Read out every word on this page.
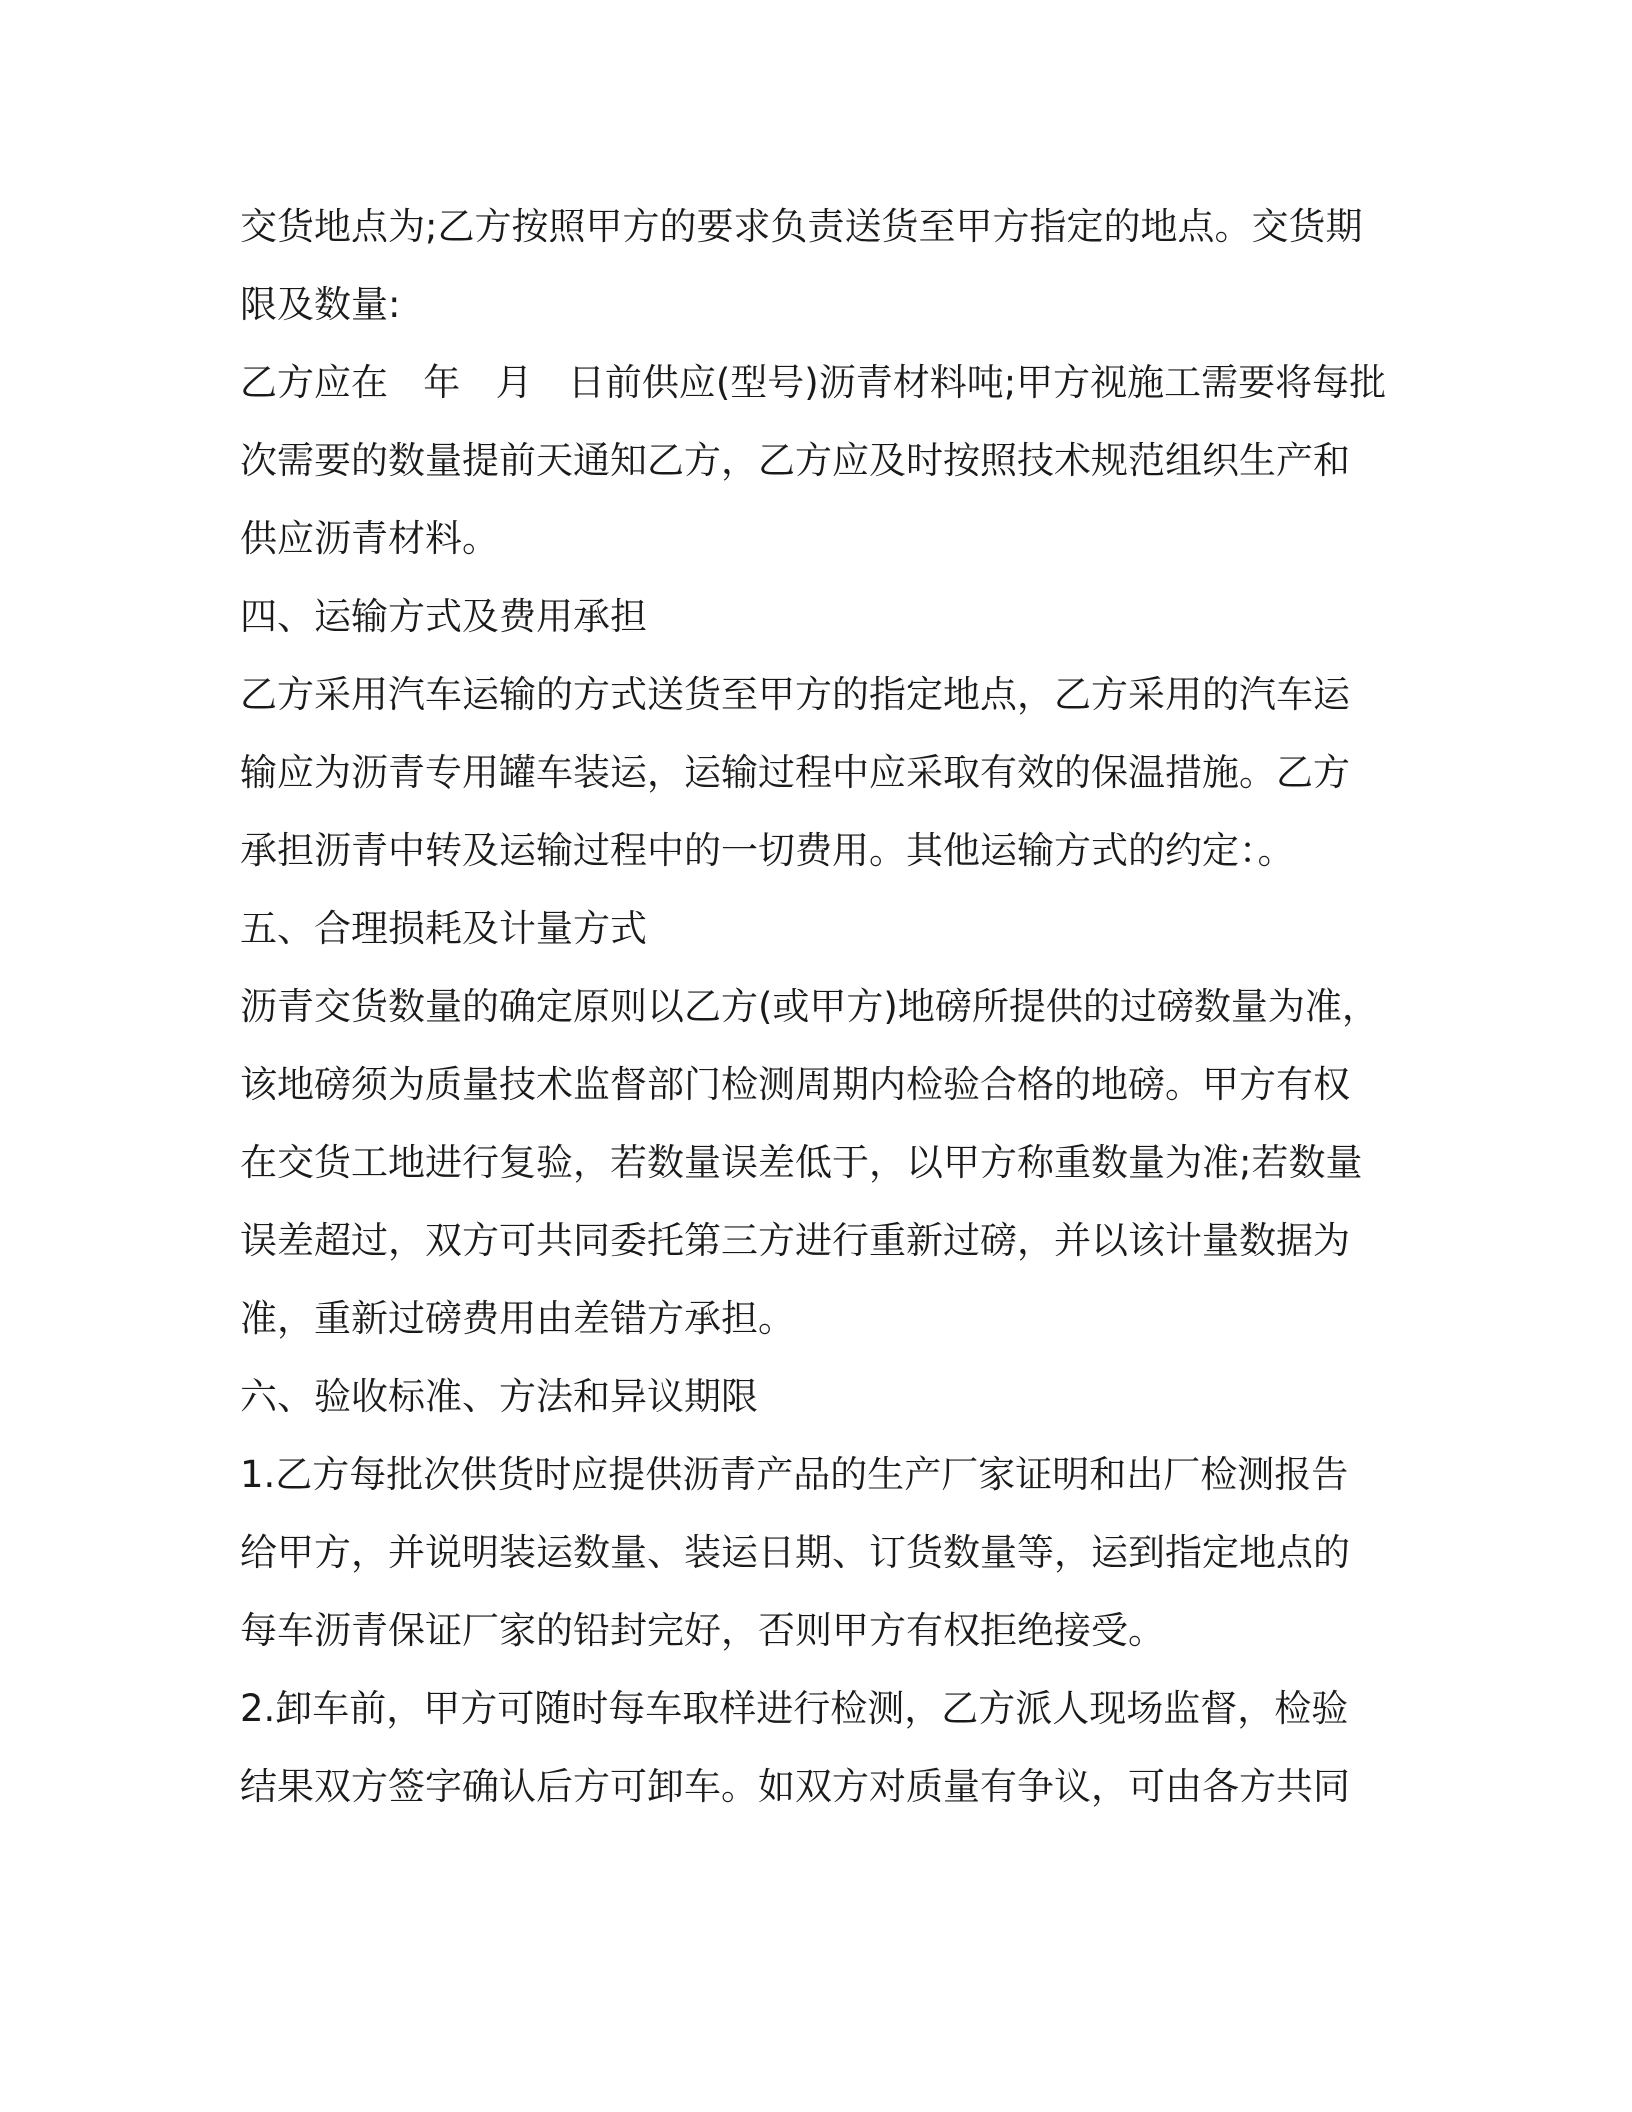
交货地点为;乙方按照甲方的要求负责送货至甲方指定的地点。交货期
限及数量:
乙方应在   年   月   日前供应(型号)沥青材料吨;甲方视施工需要将每批
次需要的数量提前天通知乙方，乙方应及时按照技术规范组织生产和
供应沥青材料。
四、运输方式及费用承担
乙方采用汽车运输的方式送货至甲方的指定地点，乙方采用的汽车运
输应为沥青专用罐车装运，运输过程中应采取有效的保温措施。乙方
承担沥青中转及运输过程中的一切费用。其他运输方式的约定：。
五、合理损耗及计量方式
沥青交货数量的确定原则以乙方(或甲方)地磅所提供的过磅数量为准，
该地磅须为质量技术监督部门检测周期内检验合格的地磅。甲方有权
在交货工地进行复验，若数量误差低于，以甲方称重数量为准;若数量
误差超过，双方可共同委托第三方进行重新过磅，并以该计量数据为
准，重新过磅费用由差错方承担。
六、验收标准、方法和异议期限
1.乙方每批次供货时应提供沥青产品的生产厂家证明和出厂检测报告
给甲方，并说明装运数量、装运日期、订货数量等，运到指定地点的
每车沥青保证厂家的铅封完好，否则甲方有权拒绝接受。
2.卸车前，甲方可随时每车取样进行检测，乙方派人现场监督，检验
结果双方签字确认后方可卸车。如双方对质量有争议，可由各方共同
